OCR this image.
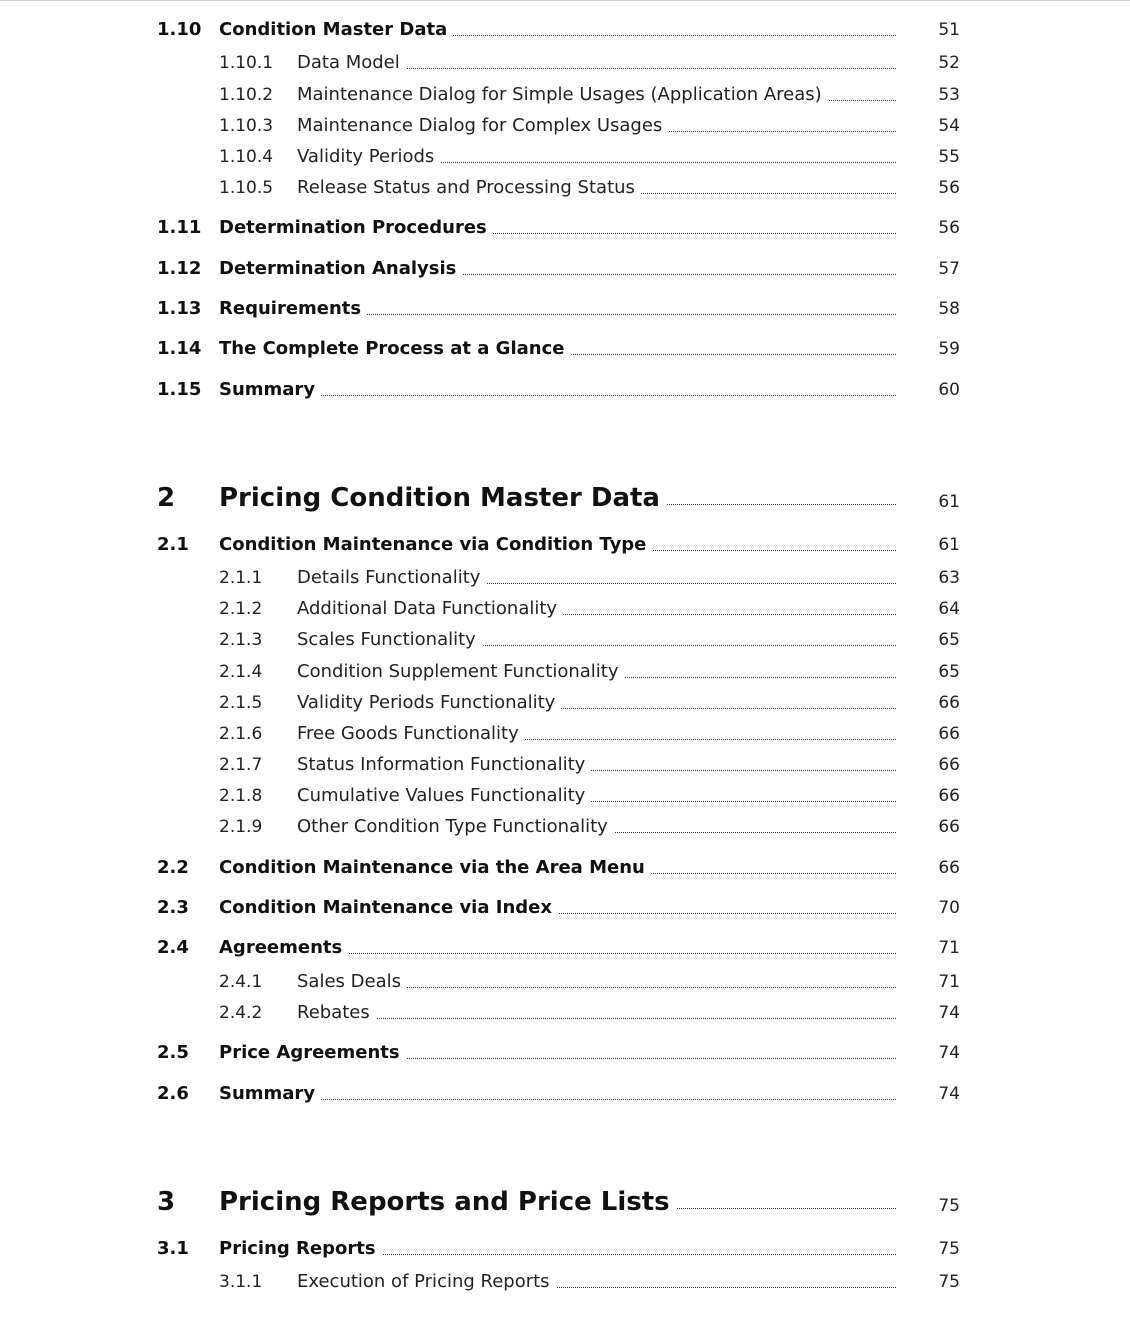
1.10 Condition Master Data	51
1.10.1 Data Model	52
1.10.2 Maintenance Dialog for Simple Usages (Application Areas)	53
1.10.3 Maintenance Dialog for Complex Usages	54
1.10.4 Validity Periods	55
1.10.5 Release Status and Processing Status	56
1.11 Determination Procedures	56
1.12 Determination Analysis	57
1.13 Requirements	58
1.14 The Complete Process at a Glance	59
1.15 Summary	60
2 Pricing Condition Master Data	61
2.1 Condition Maintenance via Condition Type	61
2.1.1 Details Functionality	63
2.1.2 Additional Data Functionality	64
2.1.3 Scales Functionality	65
2.1.4 Condition Supplement Functionality	65
2.1.5 Validity Periods Functionality	66
2.1.6 Free Goods Functionality	66
2.1.7 Status Information Functionality	66
2.1.8 Cumulative Values Functionality	66
2.1.9 Other Condition Type Functionality	66
2.2 Condition Maintenance via the Area Menu	66
2.3 Condition Maintenance via Index	70
2.4 Agreements	71
2.4.1 Sales Deals	71
2.4.2 Rebates	74
2.5 Price Agreements	74
2.6 Summary	74
3 Pricing Reports and Price Lists	75
3.1 Pricing Reports	75
3.1.1 Execution of Pricing Reports	75
